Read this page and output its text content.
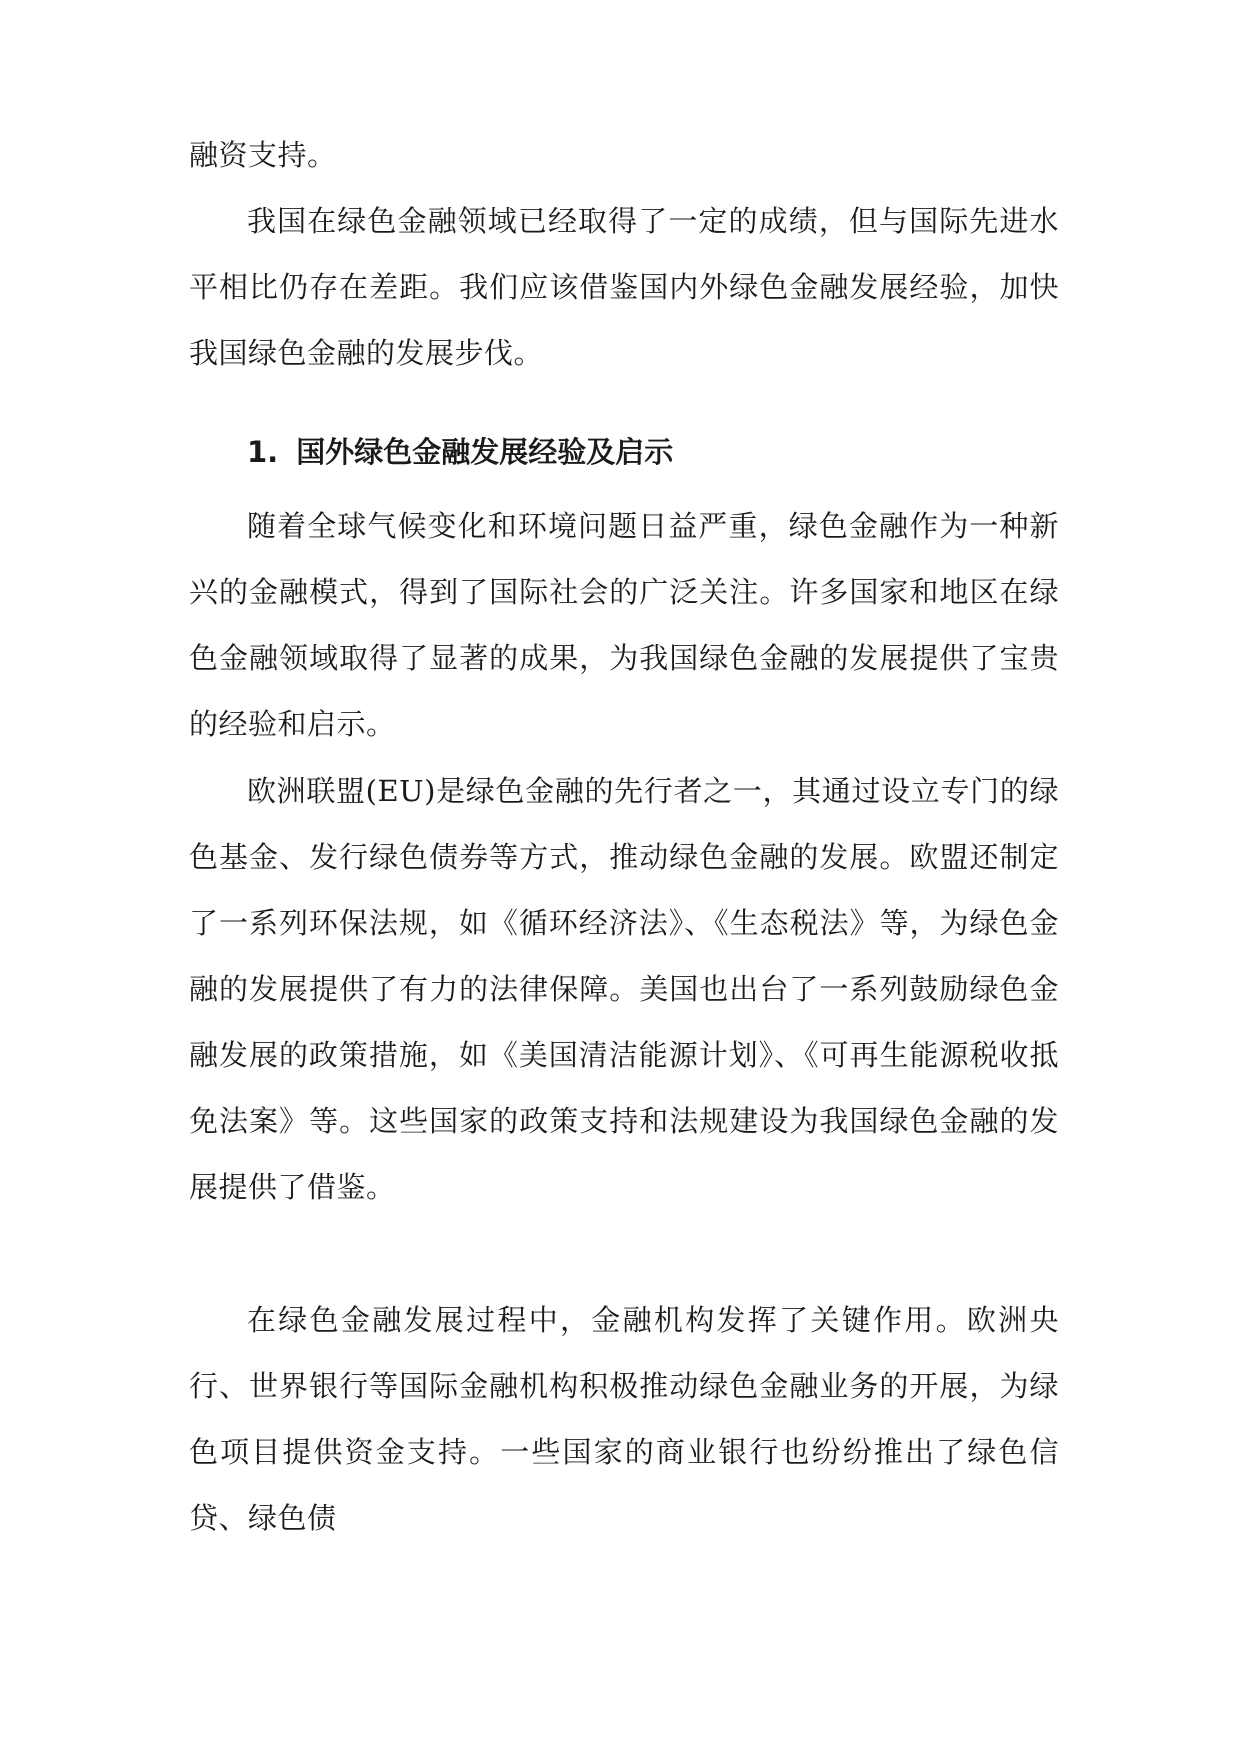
融资支持。

我国在绿色金融领域已经取得了一定的成绩，但与国际先进水平相比仍存在差距。我们应该借鉴国内外绿色金融发展经验，加快我国绿色金融的发展步伐。

1. 国外绿色金融发展经验及启示

随着全球气候变化和环境问题日益严重，绿色金融作为一种新兴的金融模式，得到了国际社会的广泛关注。许多国家和地区在绿色金融领域取得了显著的成果，为我国绿色金融的发展提供了宝贵的经验和启示。

欧洲联盟(EU)是绿色金融的先行者之一，其通过设立专门的绿色基金、发行绿色债券等方式，推动绿色金融的发展。欧盟还制定了一系列环保法规，如《循环经济法》、《生态税法》等，为绿色金融的发展提供了有力的法律保障。美国也出台了一系列鼓励绿色金融发展的政策措施，如《美国清洁能源计划》、《可再生能源税收抵免法案》等。这些国家的政策支持和法规建设为我国绿色金融的发展提供了借鉴。

在绿色金融发展过程中，金融机构发挥了关键作用。欧洲央行、世界银行等国际金融机构积极推动绿色金融业务的开展，为绿色项目提供资金支持。一些国家的商业银行也纷纷推出了绿色信贷、绿色债
